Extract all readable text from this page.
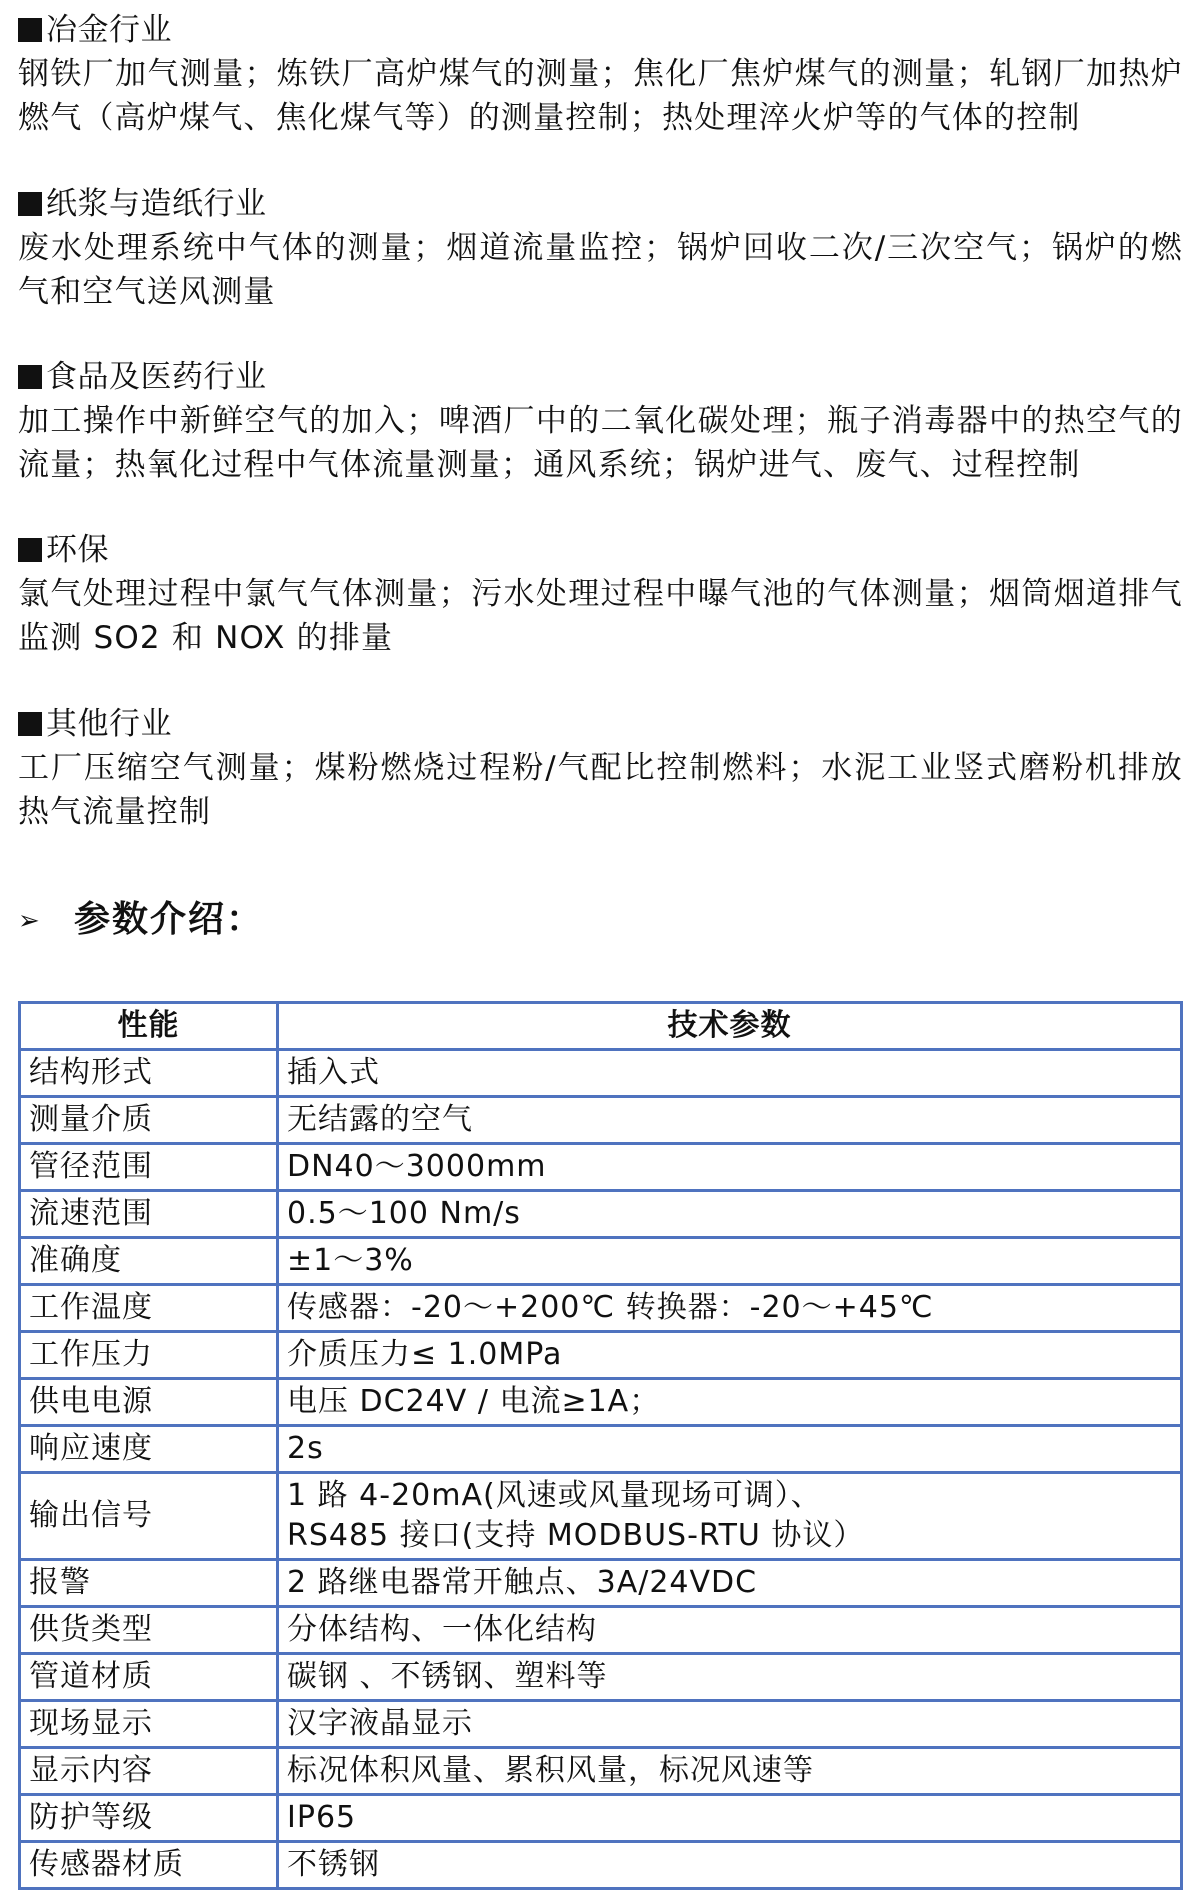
冶金行业
钢铁厂加气测量；炼铁厂高炉煤气的测量；焦化厂焦炉煤气的测量；轧钢厂加热炉燃气（高炉煤气、焦化煤气等）的测量控制；热处理淬火炉等的气体的控制
纸浆与造纸行业
废水处理系统中气体的测量；烟道流量监控；锅炉回收二次/三次空气；锅炉的燃气和空气送风测量
食品及医药行业
加工操作中新鲜空气的加入；啤酒厂中的二氧化碳处理；瓶子消毒器中的热空气的流量；热氧化过程中气体流量测量；通风系统；锅炉进气、废气、过程控制
环保
氯气处理过程中氯气气体测量；污水处理过程中曝气池的气体测量；烟筒烟道排气监测 SO2 和 NOX 的排量
其他行业
工厂压缩空气测量；煤粉燃烧过程粉/气配比控制燃料；水泥工业竖式磨粉机排放热气流量控制
➢ 参数介绍：
性能	技术参数
结构形式	插入式

测量介质	无结露的空气

管径范围	DN40～3000mm

流速范围	0.5～100 Nm/s

准确度	±1～3%

工作温度	传感器：-20～+200℃ 转换器：-20～+45℃

工作压力	介质压力≤ 1.0MPa

供电电源	电压 DC24V / 电流≥1A；

响应速度	2s

输出信号	1 路 4-20mA(风速或风量现场可调）、
RS485 接口(支持 MODBUS-RTU 协议）

报警	2 路继电器常开触点、3A/24VDC

供货类型	分体结构、一体化结构

管道材质	碳钢 、不锈钢、塑料等

现场显示	汉字液晶显示

显示内容	标况体积风量、累积风量，标况风速等

防护等级	IP65

传感器材质	不锈钢
